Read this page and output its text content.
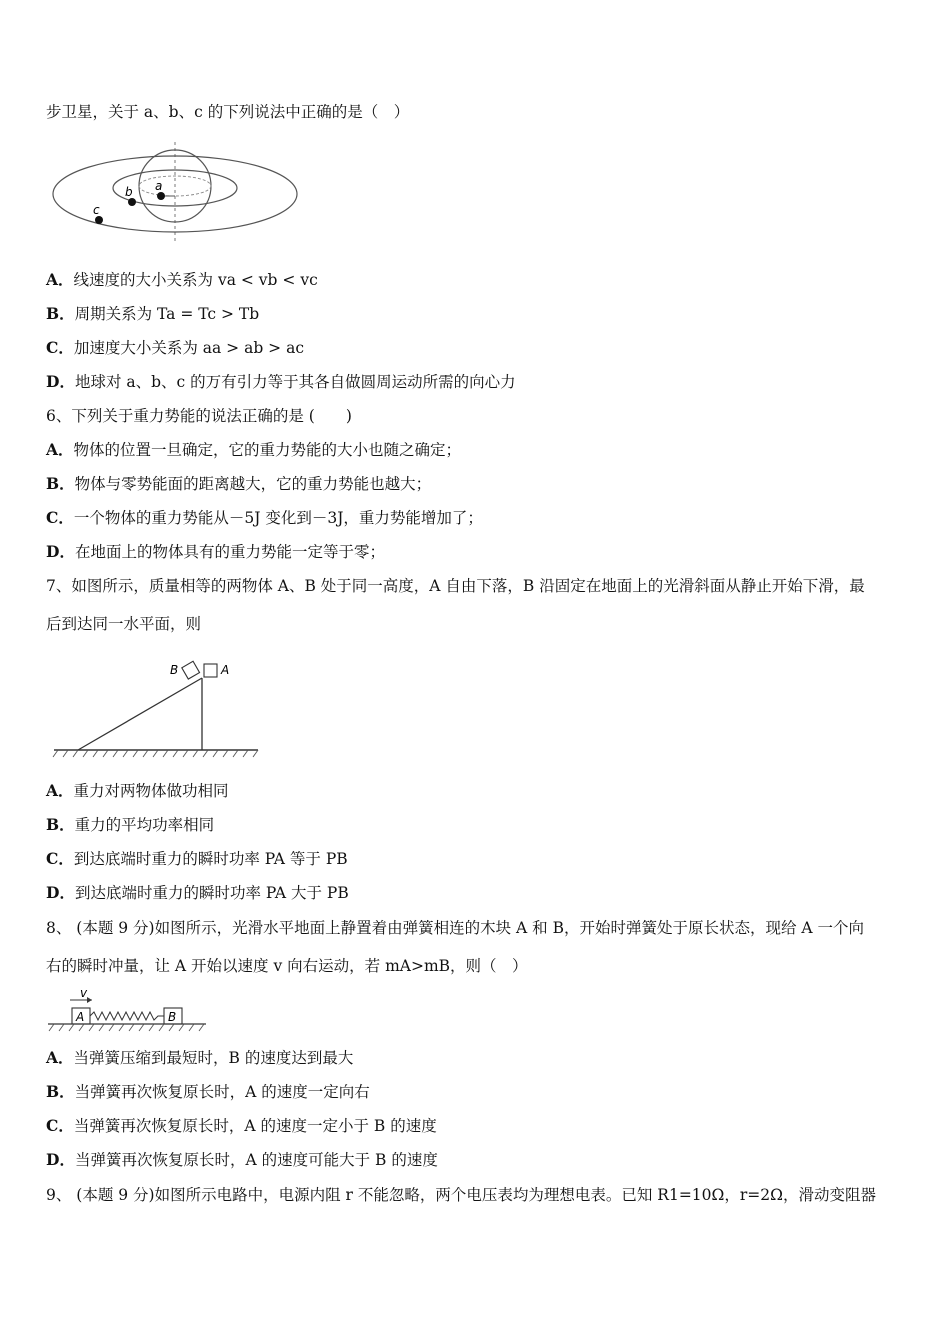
步卫星，关于 a、b、c 的下列说法中正确的是（　）
a
b
c
A．线速度的大小关系为 va < vb < vc
B．周期关系为 Ta = Tc > Tb
C．加速度大小关系为 aa > ab > ac
D．地球对 a、b、c 的万有引力等于其各自做圆周运动所需的向心力
6、下列关于重力势能的说法正确的是 (　　)
A．物体的位置一旦确定，它的重力势能的大小也随之确定；
B．物体与零势能面的距离越大，它的重力势能也越大；
C．一个物体的重力势能从－5J 变化到－3J，重力势能增加了；
D．在地面上的物体具有的重力势能一定等于零；
7、如图所示，质量相等的两物体 A、B 处于同一高度，A 自由下落，B 沿固定在地面上的光滑斜面从静止开始下滑，最
后到达同一水平面，则
B	A
A．重力对两物体做功相同
B．重力的平均功率相同
C．到达底端时重力的瞬时功率 PA 等于 PB
D．到达底端时重力的瞬时功率 PA 大于 PB
8、 (本题 9 分)如图所示，光滑水平地面上静置着由弹簧相连的木块 A 和 B，开始时弹簧处于原长状态，现给 A 一个向
右的瞬时冲量，让 A 开始以速度 v 向右运动，若 mA>mB，则（　）
v
A	B
A．当弹簧压缩到最短时，B 的速度达到最大
B．当弹簧再次恢复原长时，A 的速度一定向右
C．当弹簧再次恢复原长时，A 的速度一定小于 B 的速度
D．当弹簧再次恢复原长时，A 的速度可能大于 B 的速度
9、 (本题 9 分)如图所示电路中，电源内阻 r 不能忽略，两个电压表均为理想电表。已知 R1=10Ω，r=2Ω，滑动变阻器
